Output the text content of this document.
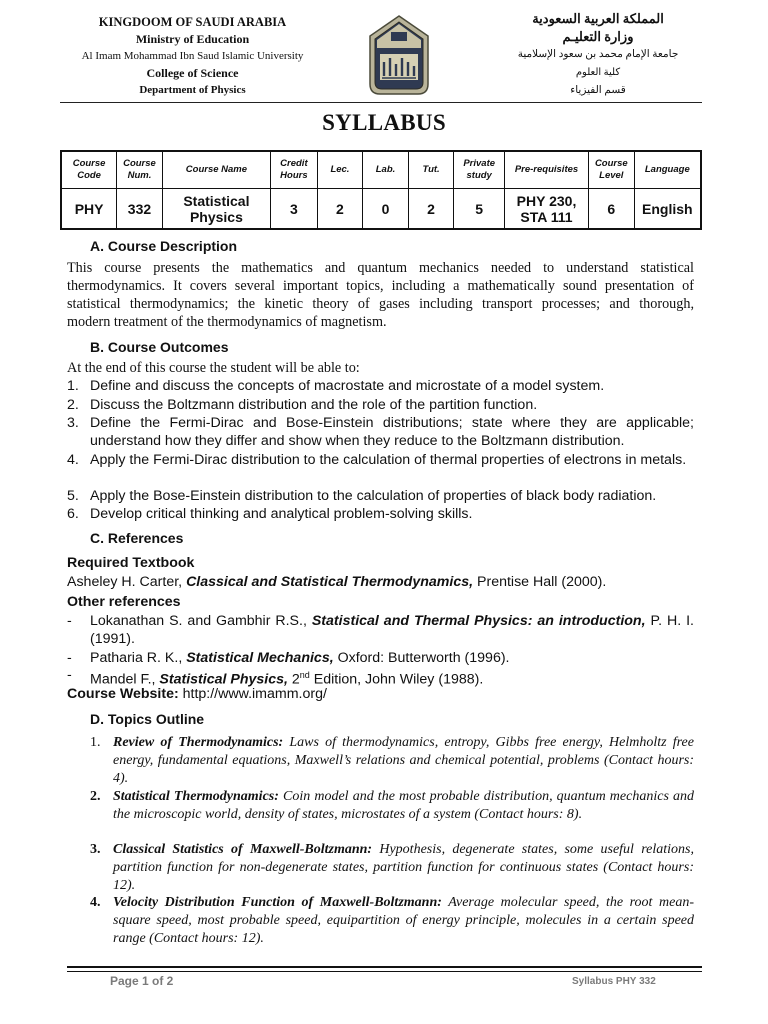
KINGDOOM OF SAUDI ARABIA
Ministry of Education
Al Imam Mohammad Ibn Saud Islamic University
College of Science
Department of Physics
المملكة العربية السعودية
وزارة التعليـم
جامعة الإمام محمد بن سعود الإسلامية
كلية العلوم
قسم الفيزياء
SYLLABUS
Course Code	Course Num.	Course Name	Credit Hours	Lec.	Lab.	Tut.	Private study	Pre-requisites	Course Level	Language
PHY	332	Statistical Physics	3	2	0	2	5	PHY 230, STA 111	6	English
A. Course Description
This course presents the mathematics and quantum mechanics needed to understand statistical
thermodynamics. It covers several important topics, including a mathematically sound presentation of
statistical thermodynamics; the kinetic theory of gases including transport processes; and thorough,
modern treatment of the thermodynamics of magnetism.
B. Course Outcomes
At the end of this course the student will be able to:
1. Define and discuss the concepts of macrostate and microstate of a model system.
2. Discuss the Boltzmann distribution and the role of the partition function.
3. Define the Fermi-Dirac and Bose-Einstein distributions; state where they are applicable; understand how they differ and show when they reduce to the Boltzmann distribution.
4. Apply the Fermi-Dirac distribution to the calculation of thermal properties of electrons in metals.
5. Apply the Bose-Einstein distribution to the calculation of properties of black body radiation.
6. Develop critical thinking and analytical problem-solving skills.
C. References
Required Textbook
Asheley H. Carter, Classical and Statistical Thermodynamics, Prentise Hall (2000).
Other references
- Lokanathan S. and Gambhir R.S., Statistical and Thermal Physics: an introduction, P. H. I.
(1991).
- Patharia R. K., Statistical Mechanics, Oxford: Butterworth (1996).
- Mandel F., Statistical Physics, 2nd Edition, John Wiley (1988).
Course Website: http://www.imamm.org/
D. Topics Outline
1. Review of Thermodynamics: Laws of thermodynamics, entropy, Gibbs free energy, Helmholtz free energy, fundamental equations, Maxwell’s relations and chemical potential, problems (Contact hours: 4).
2. Statistical Thermodynamics: Coin model and the most probable distribution, quantum mechanics and the microscopic world, density of states, microstates of a system (Contact hours: 8).
3. Classical Statistics of Maxwell-Boltzmann: Hypothesis, degenerate states, some useful relations, partition function for non-degenerate states, partition function for continuous states (Contact hours: 12).
4. Velocity Distribution Function of Maxwell-Boltzmann: Average molecular speed, the root mean-square speed, most probable speed, equipartition of energy principle, molecules in a certain speed range (Contact hours: 12).
Page 1 of 2	Syllabus PHY 332
